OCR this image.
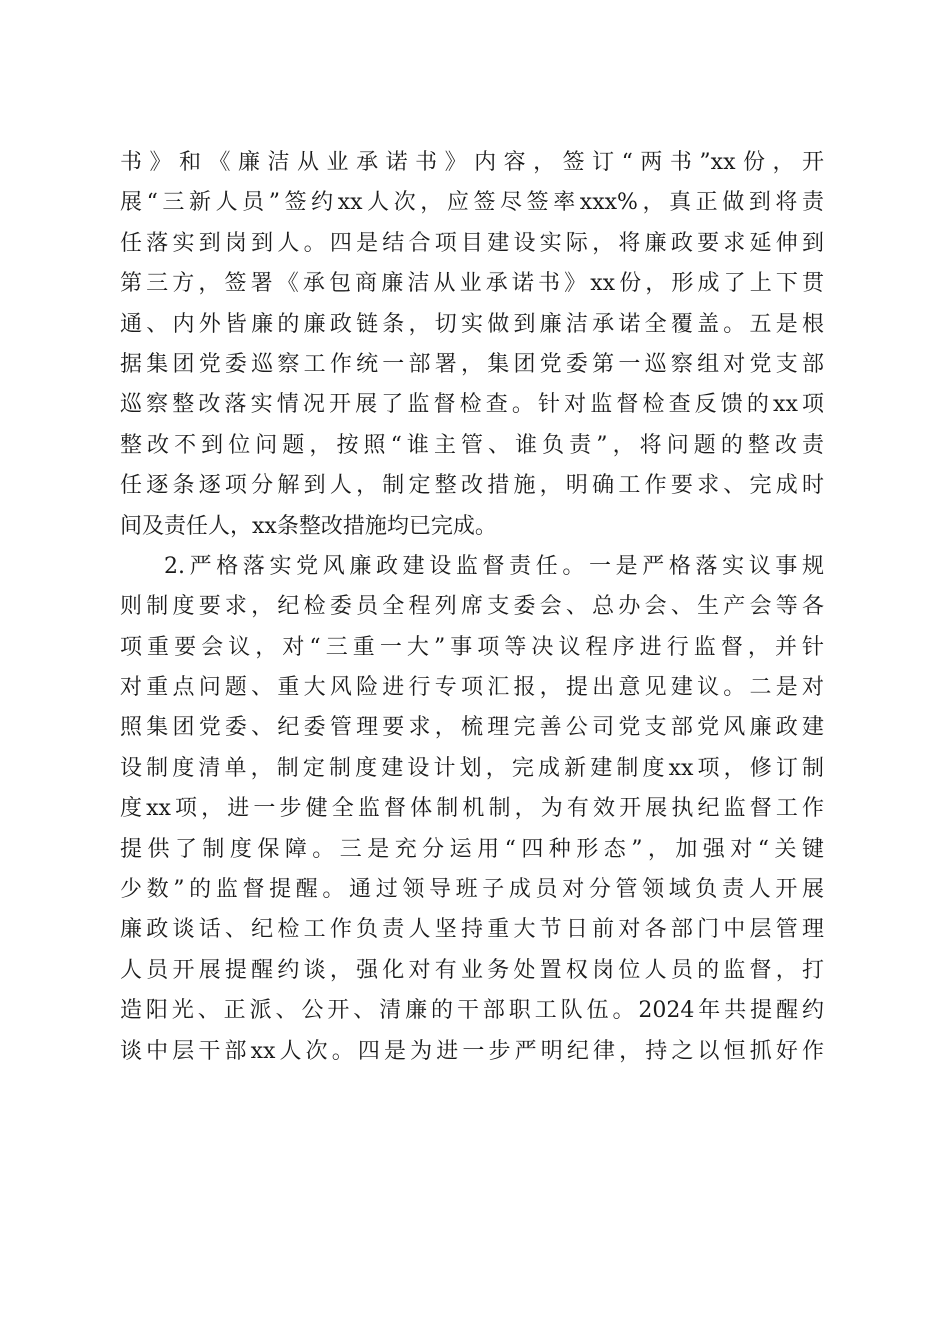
书》和《廉洁从业承诺书》内容，签订“两书”xx份，开
展“三新人员”签约xx人次，应签尽签率xxx%，真正做到将责
任落实到岗到人。四是结合项目建设实际，将廉政要求延伸到
第三方，签署《承包商廉洁从业承诺书》xx份，形成了上下贯
通、内外皆廉的廉政链条，切实做到廉洁承诺全覆盖。五是根
据集团党委巡察工作统一部署，集团党委第一巡察组对党支部
巡察整改落实情况开展了监督检查。针对监督检查反馈的xx项
整改不到位问题，按照“谁主管、谁负责”，将问题的整改责
任逐条逐项分解到人，制定整改措施，明确工作要求、完成时
间及责任人，xx条整改措施均已完成。
2.严格落实党风廉政建设监督责任。一是严格落实议事规
则制度要求，纪检委员全程列席支委会、总办会、生产会等各
项重要会议，对“三重一大”事项等决议程序进行监督，并针
对重点问题、重大风险进行专项汇报，提出意见建议。二是对
照集团党委、纪委管理要求，梳理完善公司党支部党风廉政建
设制度清单，制定制度建设计划，完成新建制度xx项，修订制
度xx项，进一步健全监督体制机制，为有效开展执纪监督工作
提供了制度保障。三是充分运用“四种形态”，加强对“关键
少数”的监督提醒。通过领导班子成员对分管领域负责人开展
廉政谈话、纪检工作负责人坚持重大节日前对各部门中层管理
人员开展提醒约谈，强化对有业务处置权岗位人员的监督，打
造阳光、正派、公开、清廉的干部职工队伍。2024年共提醒约
谈中层干部xx人次。四是为进一步严明纪律，持之以恒抓好作
